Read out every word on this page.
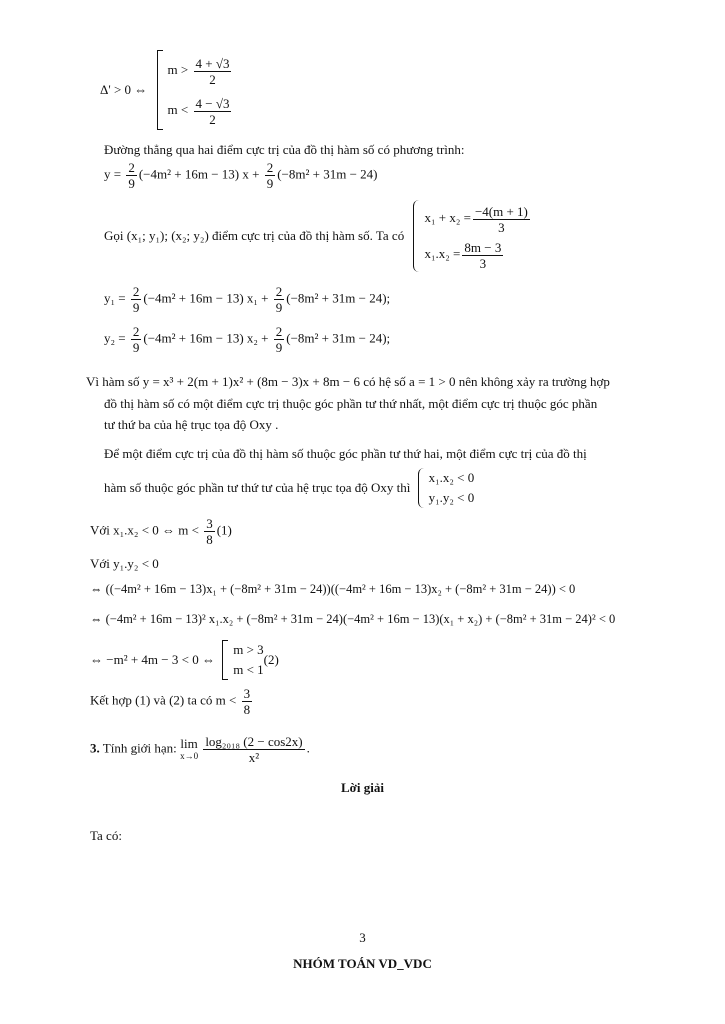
Δ' > 0 ⇔
$m > \frac{4 + √3}{2}$
$m < \frac{4 - √3}{2}$
Đường thẳng qua hai điểm cực trị của đồ thị hàm số có phương trình:
$y = \frac{2}{9} (-4m^2 + 16m - 13) x + \frac{2}{9} (-8m^2 + 31m - 24)$
Gọi (x₁; y₁); (x₂; y₂) điểm cực trị của đồ thị hàm số. Ta có
$x_1 + x_2 = \frac{-4(m + 1)}{3}$
$x_1.x_2 = \frac{8m - 3}{3}$
$y_1 = \frac{2}{9} (-4m^2 + 16m - 13) x_1 + \frac{2}{9} (-8m^2 + 31m - 24)$;
$y_2 = \frac{2}{9} (-4m^2 + 16m - 13) x_2 + \frac{2}{9} (-8m^2 + 31m - 24)$;
Vì hàm số y = x³ + 2(m + 1)x² + (8m − 3)x + 8m − 6 có hệ số a = 1 > 0 nên không xảy ra trường hợp
đồ thị hàm số có một điểm cực trị thuộc góc phần tư thứ nhất, một điểm cực trị thuộc góc phần
tư thứ ba của hệ trục tọa độ Oxy .
Để một điểm cực trị của đồ thị hàm số thuộc góc phần tư thứ hai, một điểm cực trị của đồ thị
hàm số thuộc góc phần tư thứ tư của hệ trục tọa độ Oxy thì
x₁.x₂ < 0
y₁.y₂ < 0
Với x₁.x₂ < 0 ⇔ $m < \frac{3}{8} (1)$
Với y₁.y₂ < 0
⇔ ((−4m² + 16m − 13)x₁ + (−8m² + 31m − 24))((−4m² + 16m − 13)x₂ + (−8m² + 31m − 24)) < 0
⇔ (−4m² + 16m − 13)² x₁.x₂ + (−8m² + 31m − 24)(−4m² + 16m − 13)(x₁ + x₂) + (−8m² + 31m − 24)² < 0
⇔ −m² + 4m − 3 < 0 ⇔
m > 3
m < 1
(2)
Kết hợp (1) và (2) ta có $m < \frac{3}{8}$
3. Tính giới hạn: lim
x→0
$\frac{\text{log₂₀₁₈ (2 − cos2x)}}{\text{x²}}$ .
Lời giải
Ta có:
3
NHÓM TOÁN VD_VDC
